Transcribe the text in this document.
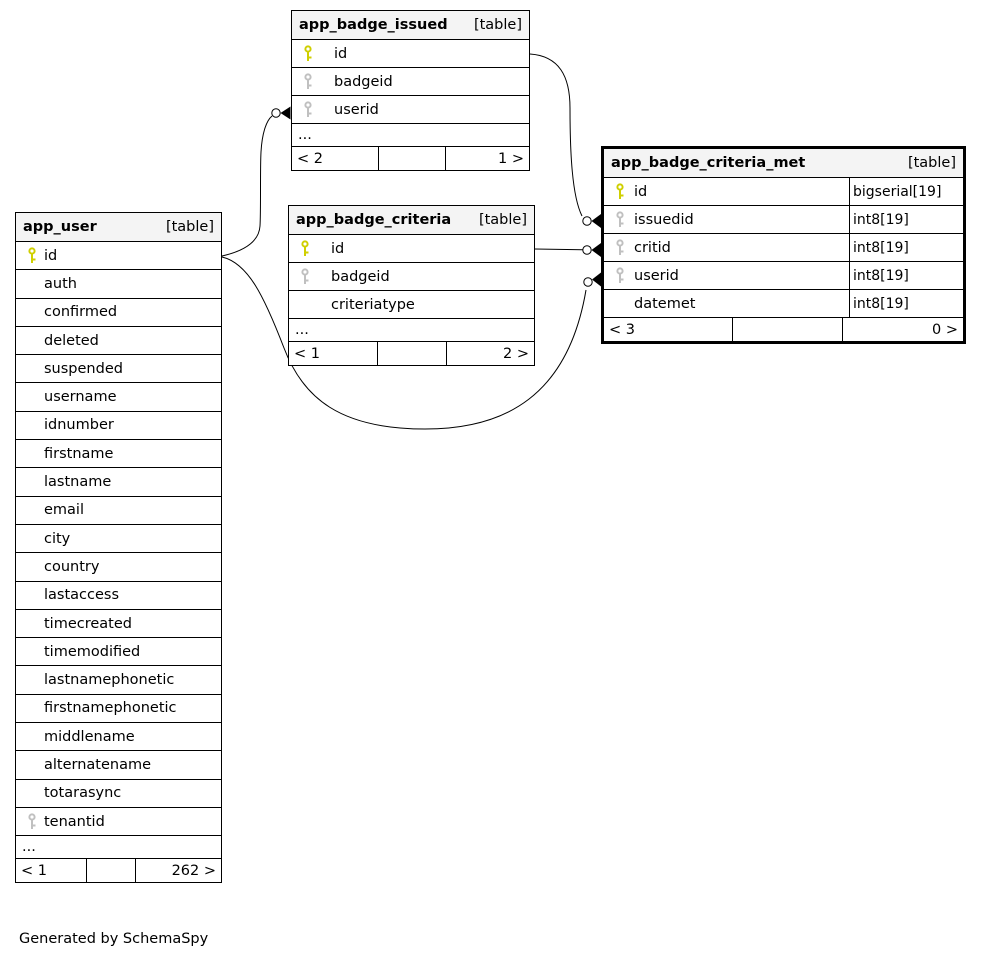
app_badge_issued [table]
id
badgeid
userid
...
< 2	1 >
app_badge_criteria [table]
id
badgeid
criteriatype
...
< 1	2 >
app_badge_criteria_met	[table]
id	bigserial[19]
issuedid	int8[19]
critid	int8[19]
userid	int8[19]
datemet	int8[19]
< 3	0 >
app_user	[table]
id
auth
confirmed
deleted
suspended
username
idnumber
firstname
lastname
email
city
country
lastaccess
timecreated
timemodified
lastnamephonetic
firstnamephonetic
middlename
alternatename
totarasync
tenantid
...
< 1	262 >
Generated by SchemaSpy
